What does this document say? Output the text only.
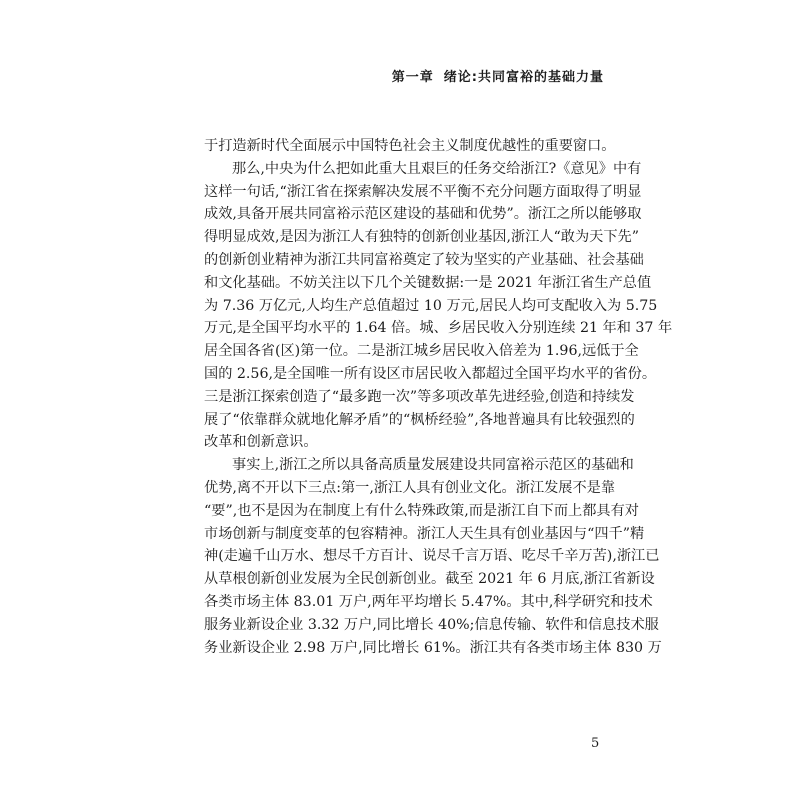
第一章 绪论:共同富裕的基础力量
于打造新时代全面展示中国特色社会主义制度优越性的重要窗口。
那么,中央为什么把如此重大且艰巨的任务交给浙江?《意见》中有
这样一句话,“浙江省在探索解决发展不平衡不充分问题方面取得了明显
成效,具备开展共同富裕示范区建设的基础和优势”。浙江之所以能够取
得明显成效,是因为浙江人有独特的创新创业基因,浙江人“敢为天下先”
的创新创业精神为浙江共同富裕奠定了较为坚实的产业基础、社会基础
和文化基础。不妨关注以下几个关键数据:一是 2021 年浙江省生产总值
为 7.36 万亿元,人均生产总值超过 10 万元,居民人均可支配收入为 5.75
万元,是全国平均水平的 1.64 倍。城、乡居民收入分别连续 21 年和 37 年
居全国各省(区)第一位。二是浙江城乡居民收入倍差为 1.96,远低于全
国的 2.56,是全国唯一所有设区市居民收入都超过全国平均水平的省份。
三是浙江探索创造了“最多跑一次”等多项改革先进经验,创造和持续发
展了“依靠群众就地化解矛盾”的“枫桥经验”,各地普遍具有比较强烈的
改革和创新意识。
事实上,浙江之所以具备高质量发展建设共同富裕示范区的基础和
优势,离不开以下三点:第一,浙江人具有创业文化。浙江发展不是靠
“要”,也不是因为在制度上有什么特殊政策,而是浙江自下而上都具有对
市场创新与制度变革的包容精神。浙江人天生具有创业基因与“四千”精
神(走遍千山万水、想尽千方百计、说尽千言万语、吃尽千辛万苦),浙江已
从草根创新创业发展为全民创新创业。截至 2021 年 6 月底,浙江省新设
各类市场主体 83.01 万户,两年平均增长 5.47%。其中,科学研究和技术
服务业新设企业 3.32 万户,同比增长 40%;信息传输、软件和信息技术服
务业新设企业 2.98 万户,同比增长 61%。浙江共有各类市场主体 830 万
5
